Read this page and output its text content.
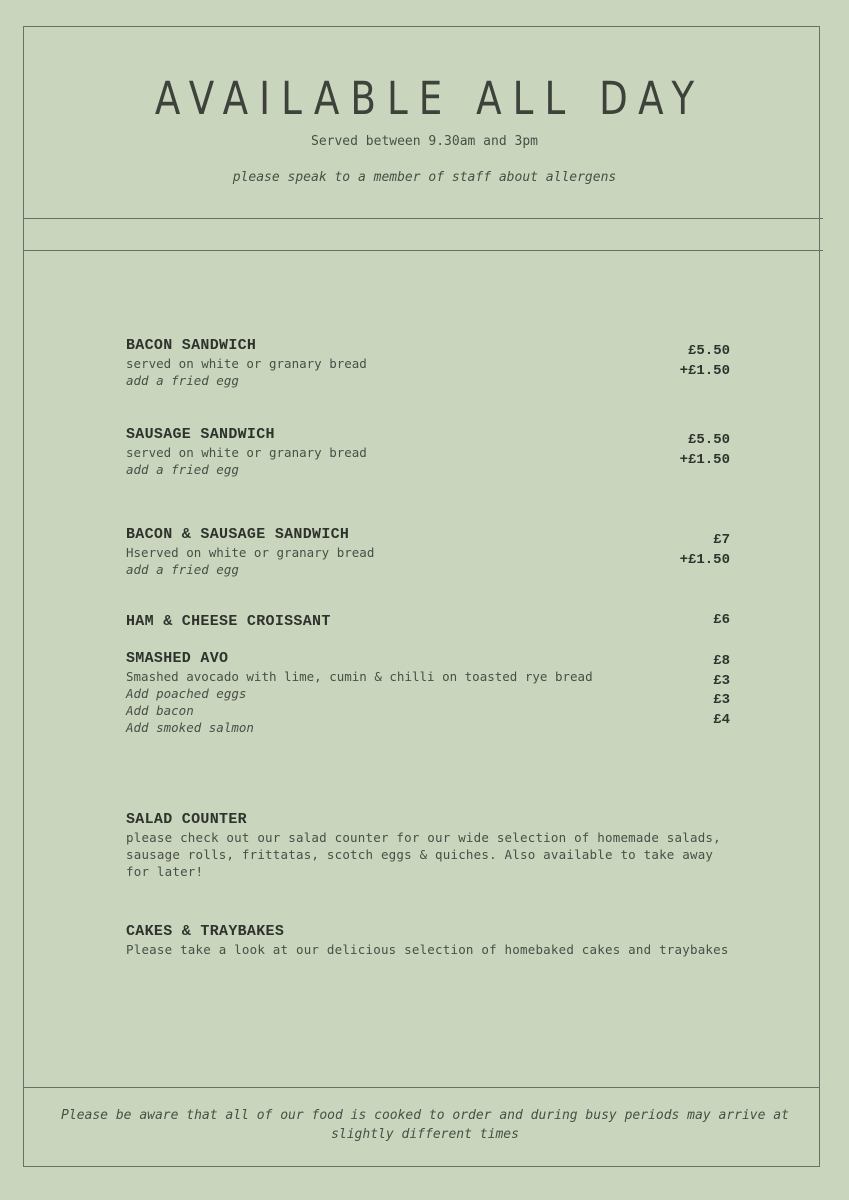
AVAILABLE ALL DAY
Served between 9.30am and 3pm
please speak to a member of staff about allergens
BACON SANDWICH
served on white or granary bread
add a fried egg
£5.50
+£1.50
SAUSAGE SANDWICH
served on white or granary bread
add a fried egg
£5.50
+£1.50
BACON & SAUSAGE SANDWICH
Hserved on white or granary bread
add a fried egg
£7
+£1.50
HAM & CHEESE CROISSANT	£6
SMASHED AVO
Smashed avocado with lime, cumin & chilli on toasted rye bread
Add poached eggs
Add bacon
Add smoked salmon
£8
£3
£3
£4
SALAD COUNTER
please check out our salad counter for our wide selection of homemade salads, sausage rolls, frittatas, scotch eggs & quiches. Also available to take away for later!
CAKES & TRAYBAKES
Please take a look at our delicious selection of homebaked cakes and traybakes
Please be aware that all of our food is cooked to order and during busy periods may arrive at slightly different times
